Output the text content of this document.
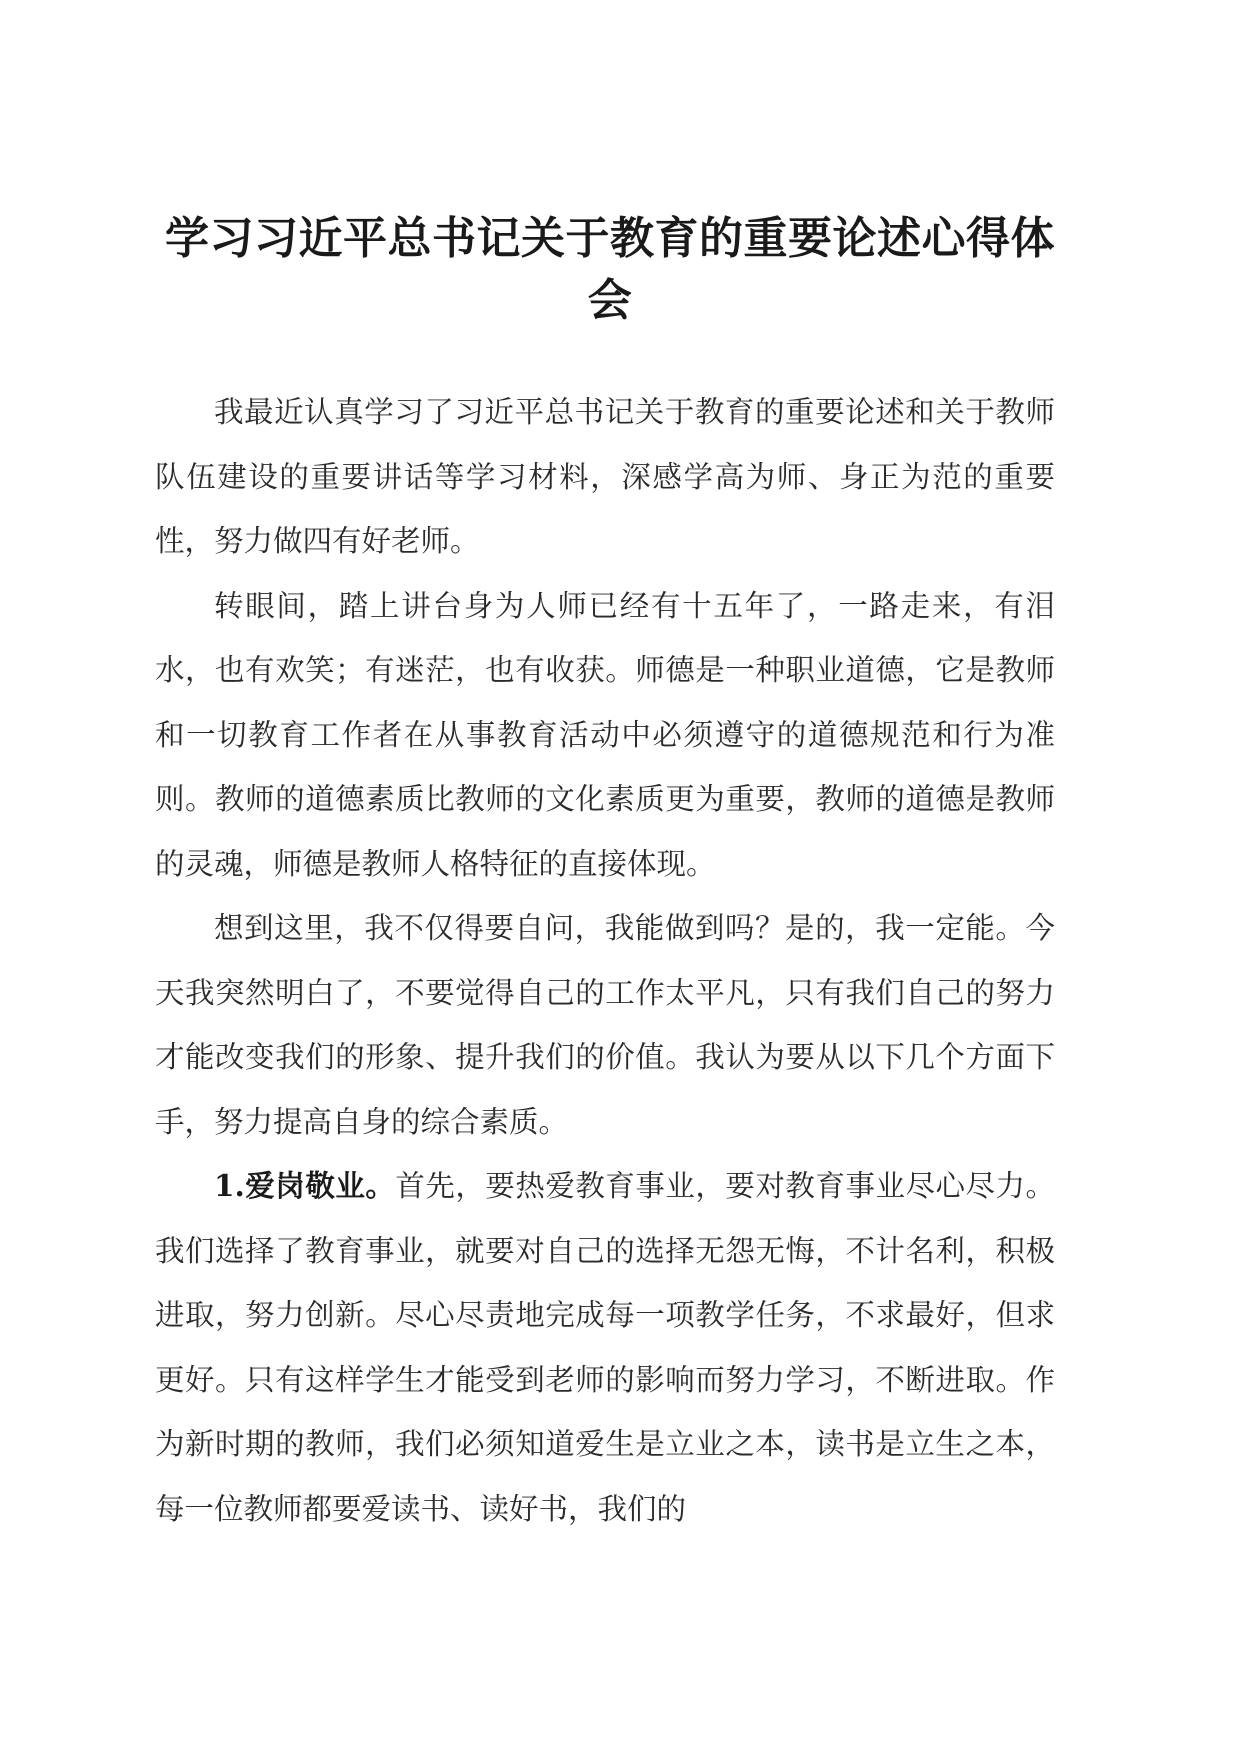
学习习近平总书记关于教育的重要论述心得体会

我最近认真学习了习近平总书记关于教育的重要论述和关于教师队伍建设的重要讲话等学习材料，深感学高为师、身正为范的重要性，努力做四有好老师。

转眼间，踏上讲台身为人师已经有十五年了，一路走来，有泪水，也有欢笑；有迷茫，也有收获。师德是一种职业道德，它是教师和一切教育工作者在从事教育活动中必须遵守的道德规范和行为准则。教师的道德素质比教师的文化素质更为重要，教师的道德是教师的灵魂，师德是教师人格特征的直接体现。

想到这里，我不仅得要自问，我能做到吗？是的，我一定能。今天我突然明白了，不要觉得自己的工作太平凡，只有我们自己的努力才能改变我们的形象、提升我们的价值。我认为要从以下几个方面下手，努力提高自身的综合素质。

1.爱岗敬业。首先，要热爱教育事业，要对教育事业尽心尽力。我们选择了教育事业，就要对自己的选择无怨无悔，不计名利，积极进取，努力创新。尽心尽责地完成每一项教学任务，不求最好，但求更好。只有这样学生才能受到老师的影响而努力学习，不断进取。作为新时期的教师，我们必须知道爱生是立业之本，读书是立生之本，每一位教师都要爱读书、读好书，我们的
